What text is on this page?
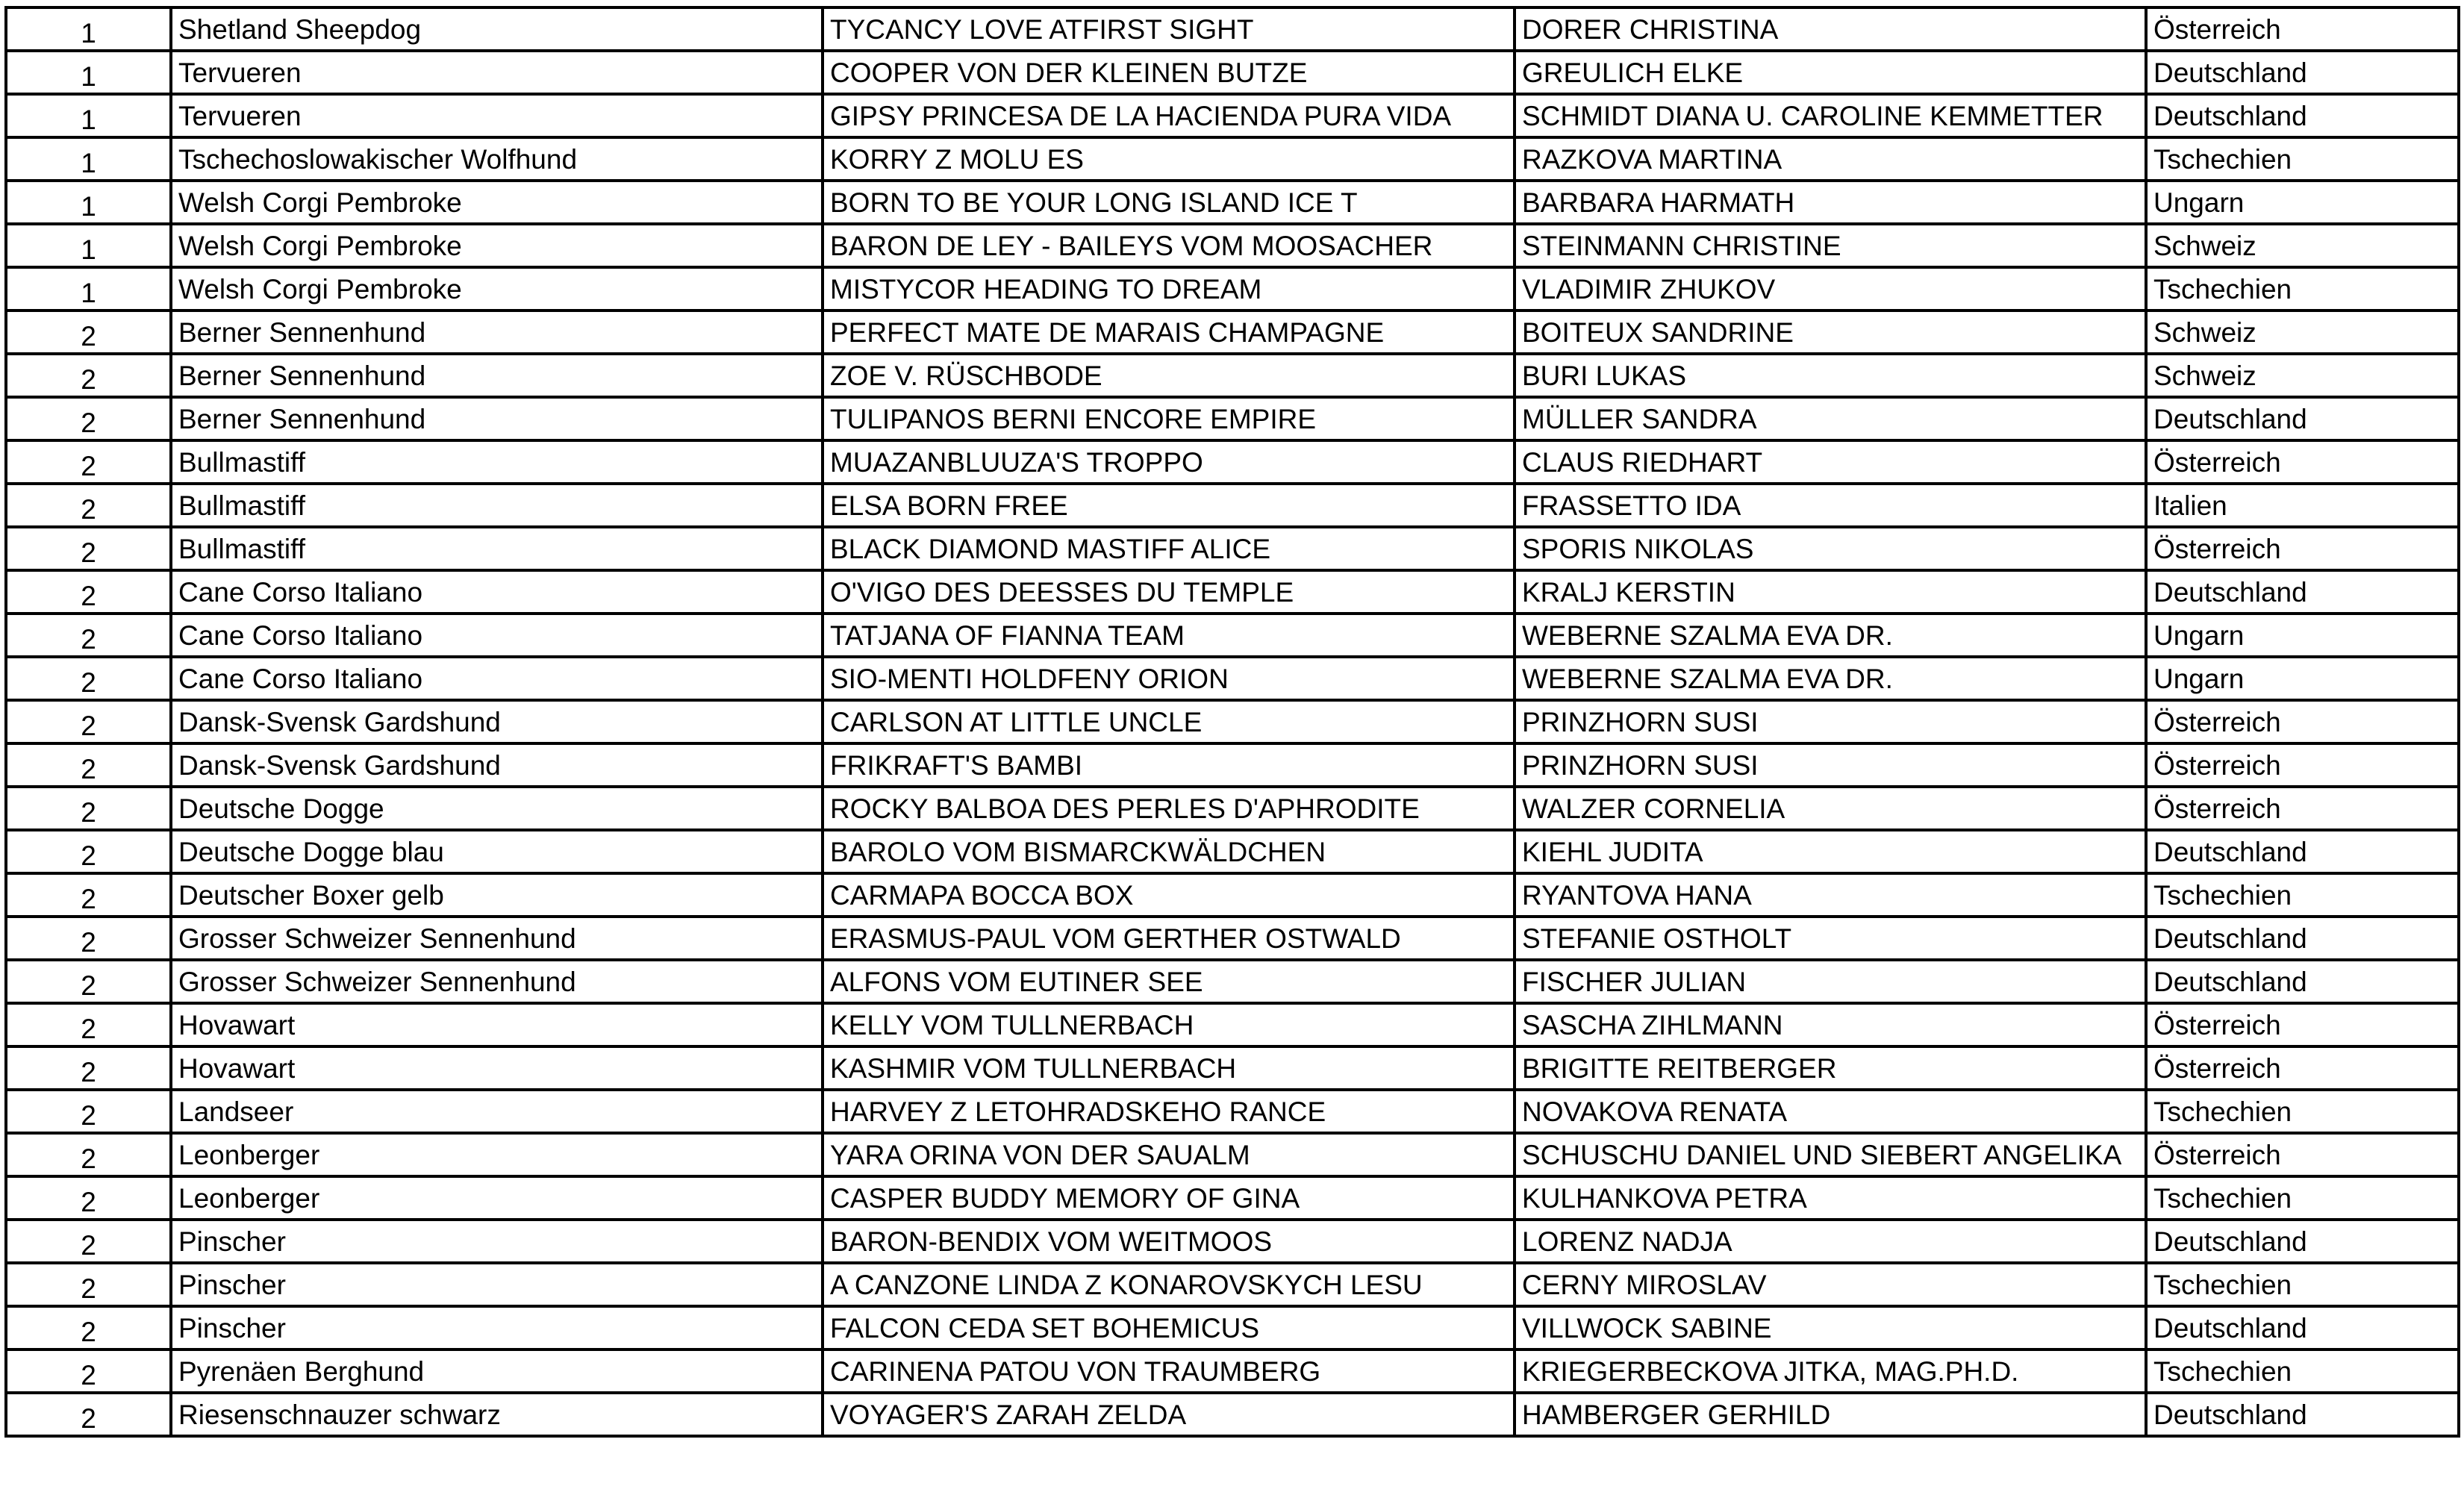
1	Shetland Sheepdog	TYCANCY LOVE ATFIRST SIGHT	DORER CHRISTINA	Österreich
1	Tervueren	COOPER VON DER KLEINEN BUTZE	GREULICH ELKE	Deutschland
1	Tervueren	GIPSY PRINCESA DE LA HACIENDA PURA VIDA	SCHMIDT DIANA U. CAROLINE KEMMETTER	Deutschland
1	Tschechoslowakischer Wolfhund	KORRY Z MOLU ES	RAZKOVA MARTINA	Tschechien
1	Welsh Corgi Pembroke	BORN TO BE YOUR LONG ISLAND ICE T	BARBARA HARMATH	Ungarn
1	Welsh Corgi Pembroke	BARON DE LEY - BAILEYS VOM MOOSACHER	STEINMANN CHRISTINE	Schweiz
1	Welsh Corgi Pembroke	MISTYCOR HEADING TO DREAM	VLADIMIR ZHUKOV	Tschechien
2	Berner Sennenhund	PERFECT MATE DE MARAIS CHAMPAGNE	BOITEUX SANDRINE	Schweiz
2	Berner Sennenhund	ZOE V. RÜSCHBODE	BURI LUKAS	Schweiz
2	Berner Sennenhund	TULIPANOS BERNI ENCORE EMPIRE	MÜLLER SANDRA	Deutschland
2	Bullmastiff	MUAZANBLUUZA'S TROPPO	CLAUS RIEDHART	Österreich
2	Bullmastiff	ELSA BORN FREE	FRASSETTO IDA	Italien
2	Bullmastiff	BLACK DIAMOND MASTIFF ALICE	SPORIS NIKOLAS	Österreich
2	Cane Corso Italiano	O'VIGO DES DEESSES DU TEMPLE	KRALJ KERSTIN	Deutschland
2	Cane Corso Italiano	TATJANA OF FIANNA TEAM	WEBERNE SZALMA EVA DR.	Ungarn
2	Cane Corso Italiano	SIO-MENTI HOLDFENY ORION	WEBERNE SZALMA EVA DR.	Ungarn
2	Dansk-Svensk Gardshund	CARLSON AT LITTLE UNCLE	PRINZHORN SUSI	Österreich
2	Dansk-Svensk Gardshund	FRIKRAFT'S BAMBI	PRINZHORN SUSI	Österreich
2	Deutsche Dogge	ROCKY BALBOA DES PERLES D'APHRODITE	WALZER CORNELIA	Österreich
2	Deutsche Dogge blau	BAROLO VOM BISMARCKWÄLDCHEN	KIEHL JUDITA	Deutschland
2	Deutscher Boxer gelb	CARMAPA BOCCA BOX	RYANTOVA HANA	Tschechien
2	Grosser Schweizer Sennenhund	ERASMUS-PAUL VOM GERTHER OSTWALD	STEFANIE OSTHOLT	Deutschland
2	Grosser Schweizer Sennenhund	ALFONS VOM EUTINER SEE	FISCHER JULIAN	Deutschland
2	Hovawart	KELLY VOM TULLNERBACH	SASCHA ZIHLMANN	Österreich
2	Hovawart	KASHMIR VOM TULLNERBACH	BRIGITTE REITBERGER	Österreich
2	Landseer	HARVEY Z LETOHRADSKEHO RANCE	NOVAKOVA RENATA	Tschechien
2	Leonberger	YARA ORINA VON DER SAUALM	SCHUSCHU DANIEL UND SIEBERT ANGELIKA	Österreich
2	Leonberger	CASPER BUDDY MEMORY OF GINA	KULHANKOVA PETRA	Tschechien
2	Pinscher	BARON-BENDIX VOM WEITMOOS	LORENZ NADJA	Deutschland
2	Pinscher	A CANZONE LINDA Z KONAROVSKYCH LESU	CERNY MIROSLAV	Tschechien
2	Pinscher	FALCON CEDA SET BOHEMICUS	VILLWOCK SABINE	Deutschland
2	Pyrenäen Berghund	CARINENA PATOU VON TRAUMBERG	KRIEGERBECKOVA JITKA, MAG.PH.D.	Tschechien
2	Riesenschnauzer schwarz	VOYAGER'S ZARAH ZELDA	HAMBERGER GERHILD	Deutschland
